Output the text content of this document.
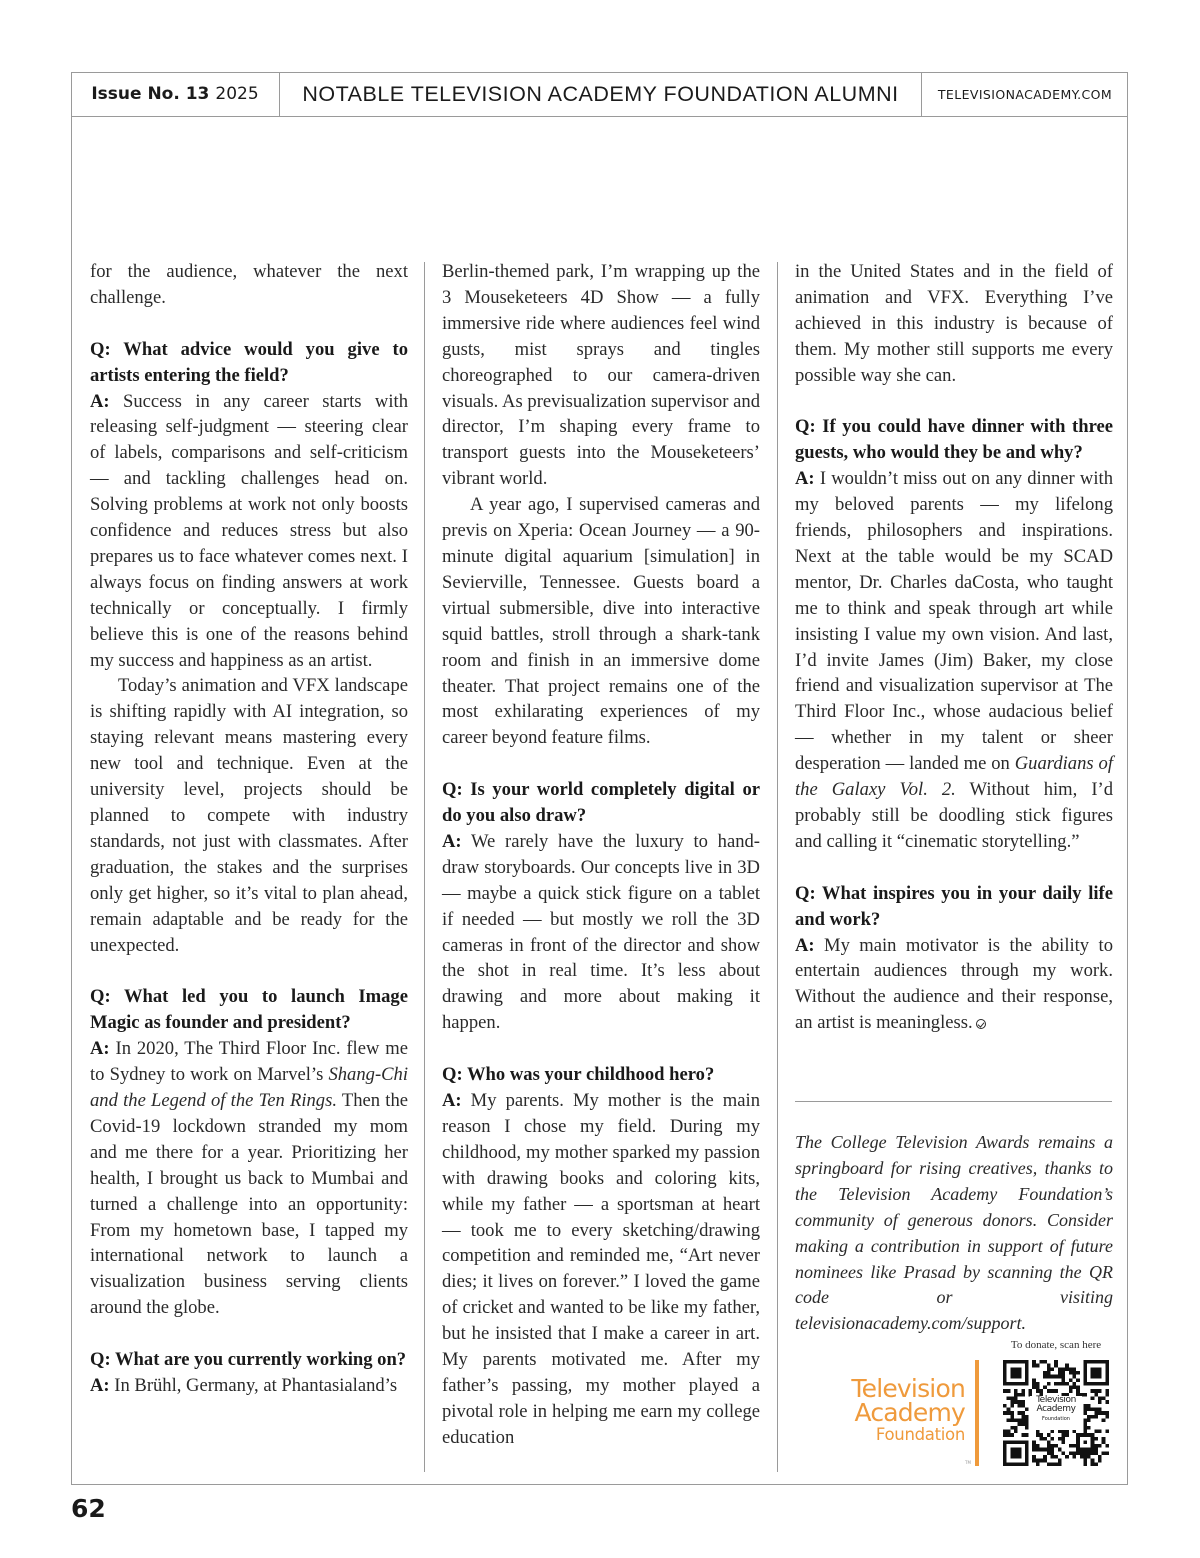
Issue No. 13 2025	NOTABLE TELEVISION ACADEMY FOUNDATION ALUMNI	TELEVISIONACADEMY.COM

for the audience, whatever the next challenge.

Q: What advice would you give to artists entering the field?

A: Success in any career starts with releasing self-judgment — steering clear of labels, comparisons and self-criticism — and tackling challenges head on. Solving problems at work not only boosts confidence and reduces stress but also prepares us to face whatever comes next. I always focus on finding answers at work technically or conceptually. I firmly believe this is one of the reasons behind my success and happiness as an artist.

Today’s animation and VFX landscape is shifting rapidly with AI integration, so staying relevant means mastering every new tool and technique. Even at the university level, projects should be planned to compete with industry standards, not just with classmates. After graduation, the stakes and the surprises only get higher, so it’s vital to plan ahead, remain adaptable and be ready for the unexpected.

Q: What led you to launch Image Magic as founder and president?

A: In 2020, The Third Floor Inc. flew me to Sydney to work on Marvel’s Shang-Chi and the Legend of the Ten Rings. Then the Covid-19 lockdown stranded my mom and me there for a year. Prioritizing her health, I brought us back to Mumbai and turned a challenge into an opportunity: From my hometown base, I tapped my international network to launch a visualization business serving clients around the globe.

Q: What are you currently working on?

A: In Brühl, Germany, at Phantasialand’s

Berlin-themed park, I’m wrapping up the 3 Mouseketeers 4D Show — a fully immersive ride where audiences feel wind gusts, mist sprays and tingles choreographed to our camera-driven visuals. As previsualization supervisor and director, I’m shaping every frame to transport guests into the Mouseketeers’ vibrant world.

A year ago, I supervised cameras and previs on Xperia: Ocean Journey — a 90-minute digital aquarium [simulation] in Sevierville, Tennessee. Guests board a virtual submersible, dive into interactive squid battles, stroll through a shark-tank room and finish in an immersive dome theater. That project remains one of the most exhilarating experiences of my career beyond feature films.

Q: Is your world completely digital or do you also draw?

A: We rarely have the luxury to hand-draw storyboards. Our concepts live in 3D — maybe a quick stick figure on a tablet if needed — but mostly we roll the 3D cameras in front of the director and show the shot in real time. It’s less about drawing and more about making it happen.

Q: Who was your childhood hero?

A: My parents. My mother is the main reason I chose my field. During my childhood, my mother sparked my passion with drawing books and coloring kits, while my father — a sportsman at heart — took me to every sketching/drawing competition and reminded me, “Art never dies; it lives on forever.” I loved the game of cricket and wanted to be like my father, but he insisted that I make a career in art. My parents motivated me. After my father’s passing, my mother played a pivotal role in helping me earn my college education

in the United States and in the field of animation and VFX. Everything I’ve achieved in this industry is because of them. My mother still supports me every possible way she can.

Q: If you could have dinner with three guests, who would they be and why?

A: I wouldn’t miss out on any dinner with my beloved parents — my lifelong friends, philosophers and inspirations. Next at the table would be my SCAD mentor, Dr. Charles daCosta, who taught me to think and speak through art while insisting I value my own vision. And last, I’d invite James (Jim) Baker, my close friend and visualization supervisor at The Third Floor Inc., whose audacious belief — whether in my talent or sheer desperation — landed me on Guardians of the Galaxy Vol. 2. Without him, I’d probably still be doodling stick figures and calling it “cinematic storytelling.”

Q: What inspires you in your daily life and work?

A: My main motivator is the ability to entertain audiences through my work. Without the audience and their response, an artist is meaningless.

The College Television Awards remains a springboard for rising creatives, thanks to the Television Academy Foundation’s community of generous donors. Consider making a contribution in support of future nominees like Prasad by scanning the QR code or visiting televisionacademy.com/support.

Television
Academy
Foundation
TM
To donate, scan here
Television
Academy
Foundation
62
